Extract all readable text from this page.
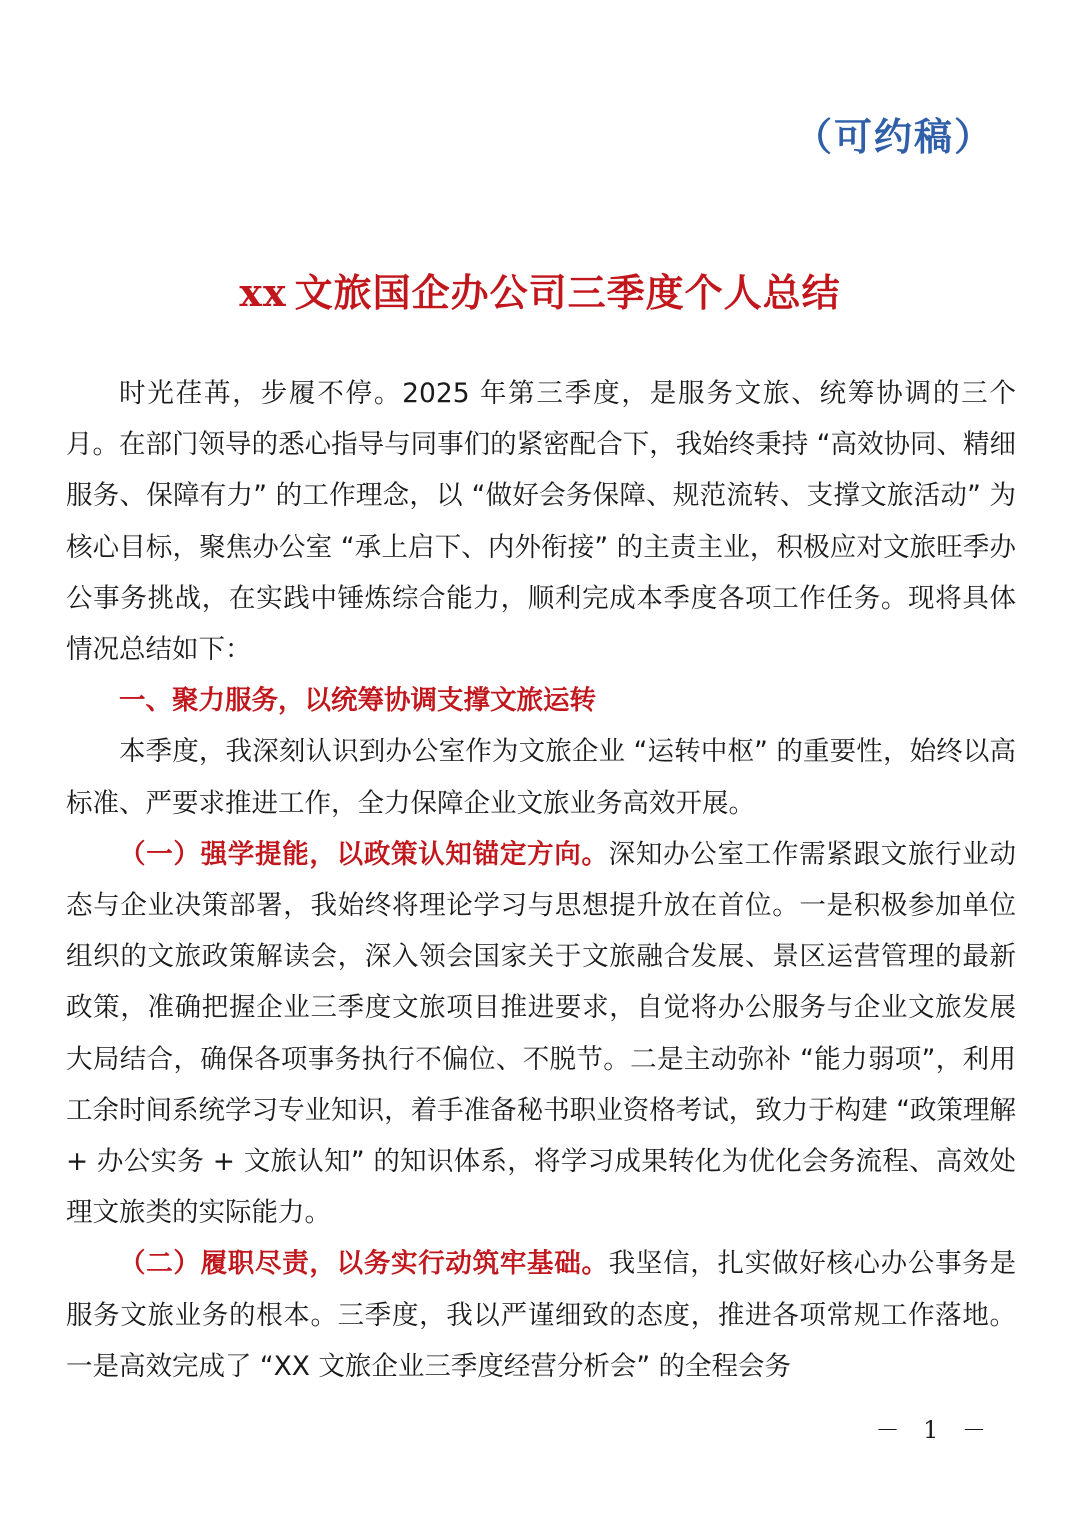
（可约稿）
xx 文旅国企办公司三季度个人总结

时光荏苒，步履不停。2025 年第三季度，是服务文旅、统筹协调的三个月。在部门领导的悉心指导与同事们的紧密配合下，我始终秉持 “高效协同、精细服务、保障有力” 的工作理念，以 “做好会务保障、规范流转、支撑文旅活动” 为核心目标，聚焦办公室 “承上启下、内外衔接” 的主责主业，积极应对文旅旺季办公事务挑战，在实践中锤炼综合能力，顺利完成本季度各项工作任务。现将具体情况总结如下：

一、聚力服务，以统筹协调支撑文旅运转

本季度，我深刻认识到办公室作为文旅企业 “运转中枢” 的重要性，始终以高标准、严要求推进工作，全力保障企业文旅业务高效开展。

（一）强学提能，以政策认知锚定方向。深知办公室工作需紧跟文旅行业动态与企业决策部署，我始终将理论学习与思想提升放在首位。一是积极参加单位组织的文旅政策解读会，深入领会国家关于文旅融合发展、景区运营管理的最新政策，准确把握企业三季度文旅项目推进要求，自觉将办公服务与企业文旅发展大局结合，确保各项事务执行不偏位、不脱节。二是主动弥补 “能力弱项”，利用工余时间系统学习专业知识，着手准备秘书职业资格考试，致力于构建 “政策理解 + 办公实务 + 文旅认知” 的知识体系，将学习成果转化为优化会务流程、高效处理文旅类的实际能力。

（二）履职尽责，以务实行动筑牢基础。我坚信，扎实做好核心办公事务是服务文旅业务的根本。三季度，我以严谨细致的态度，推进各项常规工作落地。一是高效完成了 “XX 文旅企业三季度经营分析会” 的全程会务

－ 1 －
